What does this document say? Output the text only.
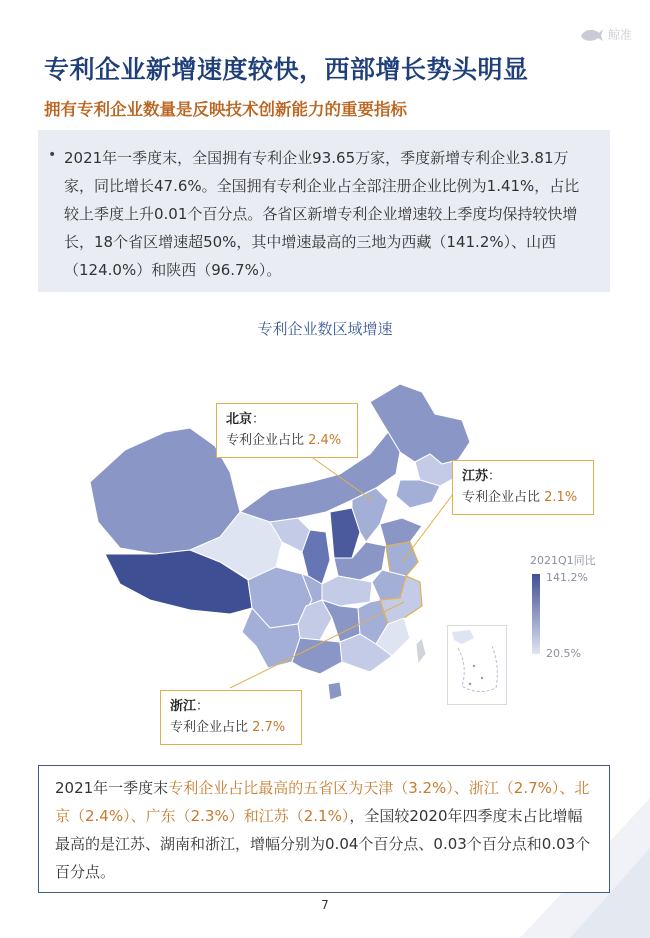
鲸准
专利企业新增速度较快，西部增长势头明显
拥有专利企业数量是反映技术创新能力的重要指标
• 2021年一季度末，全国拥有专利企业93.65万家，季度新增专利企业3.81万家，同比增长47.6%。全国拥有专利企业占全部注册企业比例为1.41%，占比较上季度上升0.01个百分点。各省区新增专利企业增速较上季度均保持较快增长，18个省区增速超50%，其中增速最高的三地为西藏（141.2%）、山西（124.0%）和陕西（96.7%）。
专利企业数区域增速
北京：
专利企业占比 2.4%
江苏：
专利企业占比 2.1%
浙江：
专利企业占比 2.7%
2021Q1同比
141.2%
20.5%
2021年一季度末专利企业占比最高的五省区为天津（3.2%）、浙江（2.7%）、北京（2.4%）、广东（2.3%）和江苏（2.1%），全国较2020年四季度末占比增幅最高的是江苏、湖南和浙江，增幅分别为0.04个百分点、0.03个百分点和0.03个百分点。
7
